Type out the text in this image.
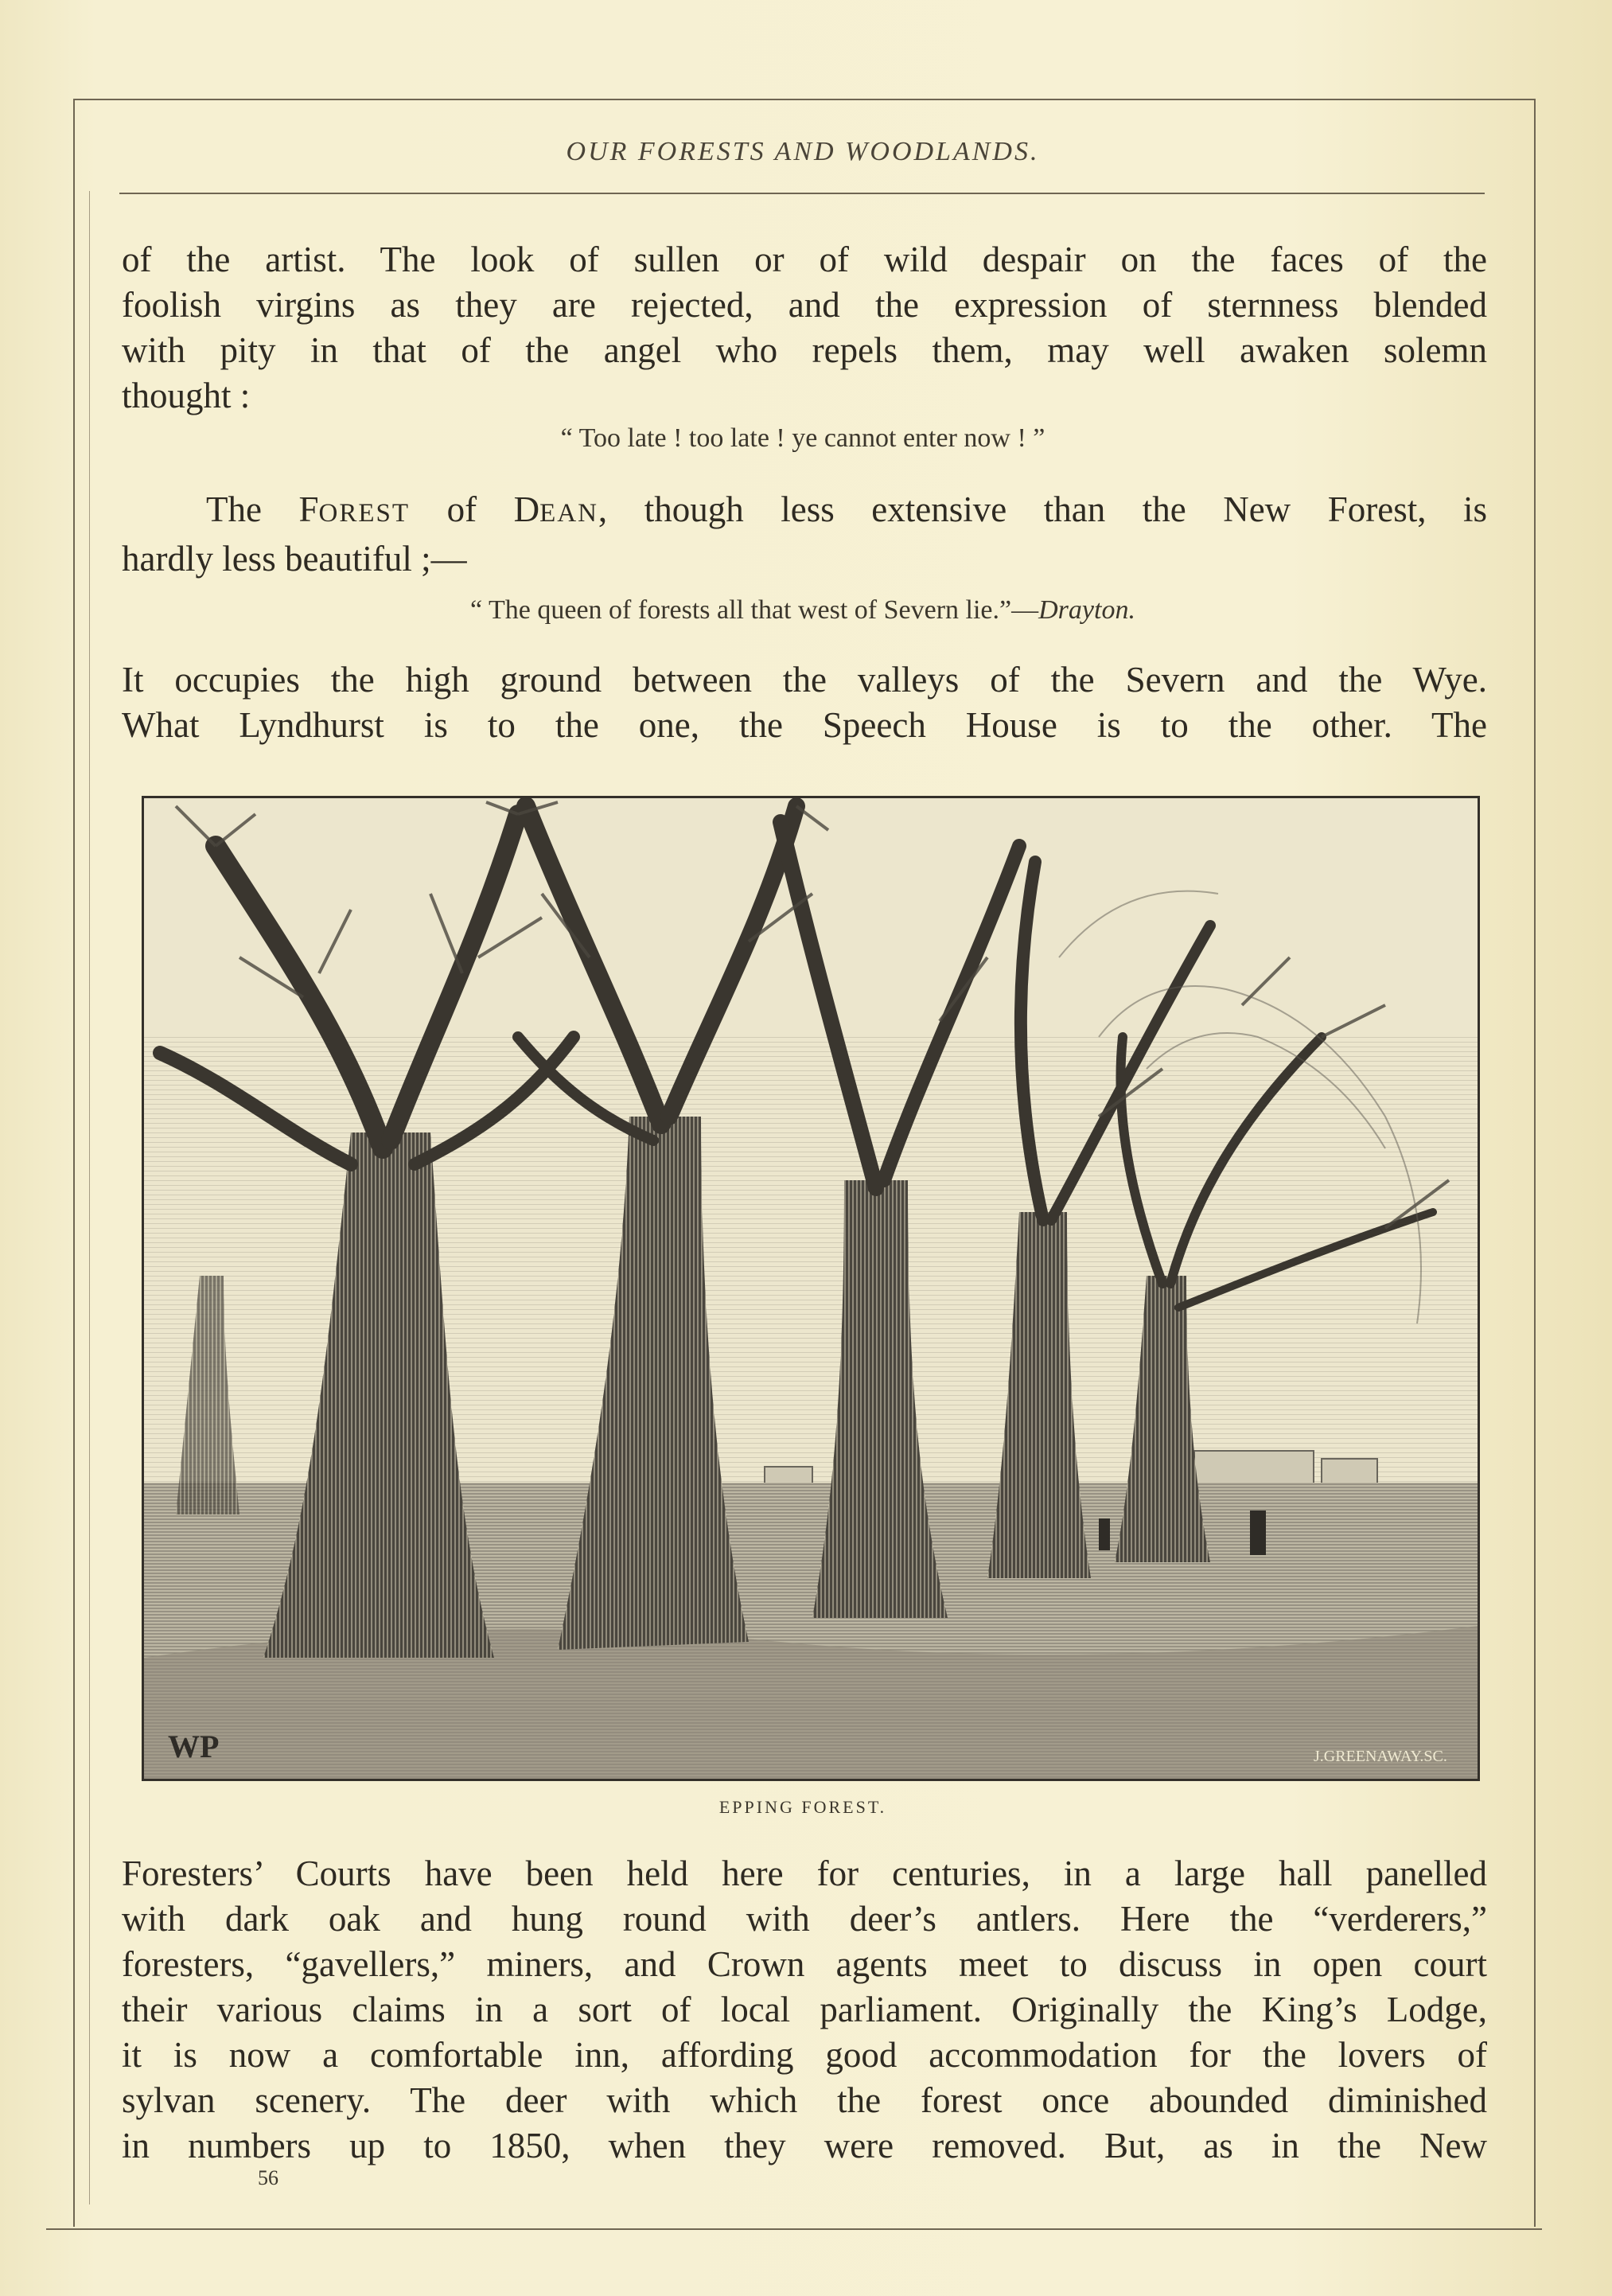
OUR FORESTS AND WOODLANDS.

of the artist. The look of sullen or of wild despair on the faces of the
foolish virgins as they are rejected, and the expression of sternness blended
with pity in that of the angel who repels them, may well awaken solemn
thought :

“ Too late ! too late ! ye cannot enter now ! ”

The FOREST of DEAN, though less extensive than the New Forest, is
hardly less beautiful ;—

“ The queen of forests all that west of Severn lie.”—Drayton.

It occupies the high ground between the valleys of the Severn and the Wye.
What Lyndhurst is to the one, the Speech House is to the other. The

WP	J.GREENAWAY.SC.
EPPING FOREST.

Foresters’ Courts have been held here for centuries, in a large hall panelled
with dark oak and hung round with deer’s antlers. Here the “verderers,”
foresters, “gavellers,” miners, and Crown agents meet to discuss in open court
their various claims in a sort of local parliament. Originally the King’s Lodge,
it is now a comfortable inn, affording good accommodation for the lovers of
sylvan scenery. The deer with which the forest once abounded diminished
in numbers up to 1850, when they were removed. But, as in the New

56
